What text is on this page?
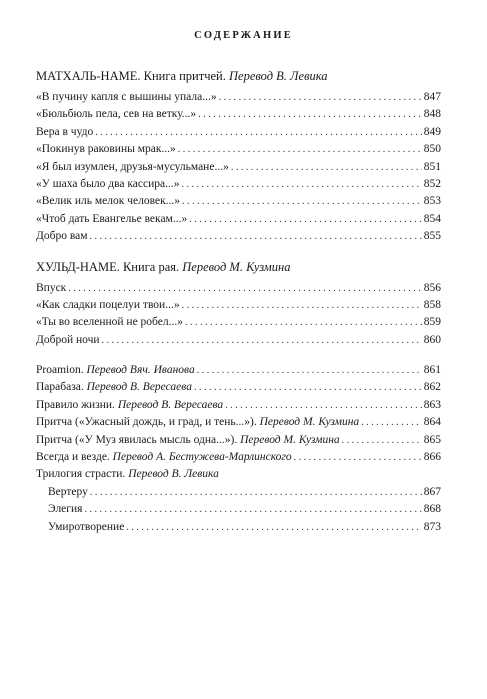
СОДЕРЖАНИЕ
МАТХАЛЬ-НАМЕ. Книга притчей. Перевод В. Левика
«В пучину капля с вышины упала...» .....	847
«Бюльбюль пела, сев на ветку...» .....	848
Вера в чудо .....	849
«Покинув раковины мрак...» .....	850
«Я был изумлен, друзья-мусульмане...» .....	851
«У шаха было два кассира...» .....	852
«Велик иль мелок человек...» .....	853
«Чтоб дать Евангелье векам...» .....	854
Добро вам .....	855
ХУЛЬД-НАМЕ. Книга рая. Перевод М. Кузмина
Впуск .....	856
«Как сладки поцелуи твои...» .....	858
«Ты во вселенной не робел...» .....	859
Доброй ночи .....	860
Proamion. Перевод Вяч. Иванова .....	861
Парабаза. Перевод В. Вересаева .....	862
Правило жизни. Перевод В. Вересаева .....	863
Притча («Ужасный дождь, и град, и тень...»). Перевод М. Кузмина .....	864
Притча («У Муз явилась мысль одна...»). Перевод М. Кузмина .....	865
Всегда и везде. Перевод А. Бестужева-Марлинского .....	866
Трилогия страсти. Перевод В. Левика
Вертеру .....	867
Элегия .....	868
Умиротворение .....	873
